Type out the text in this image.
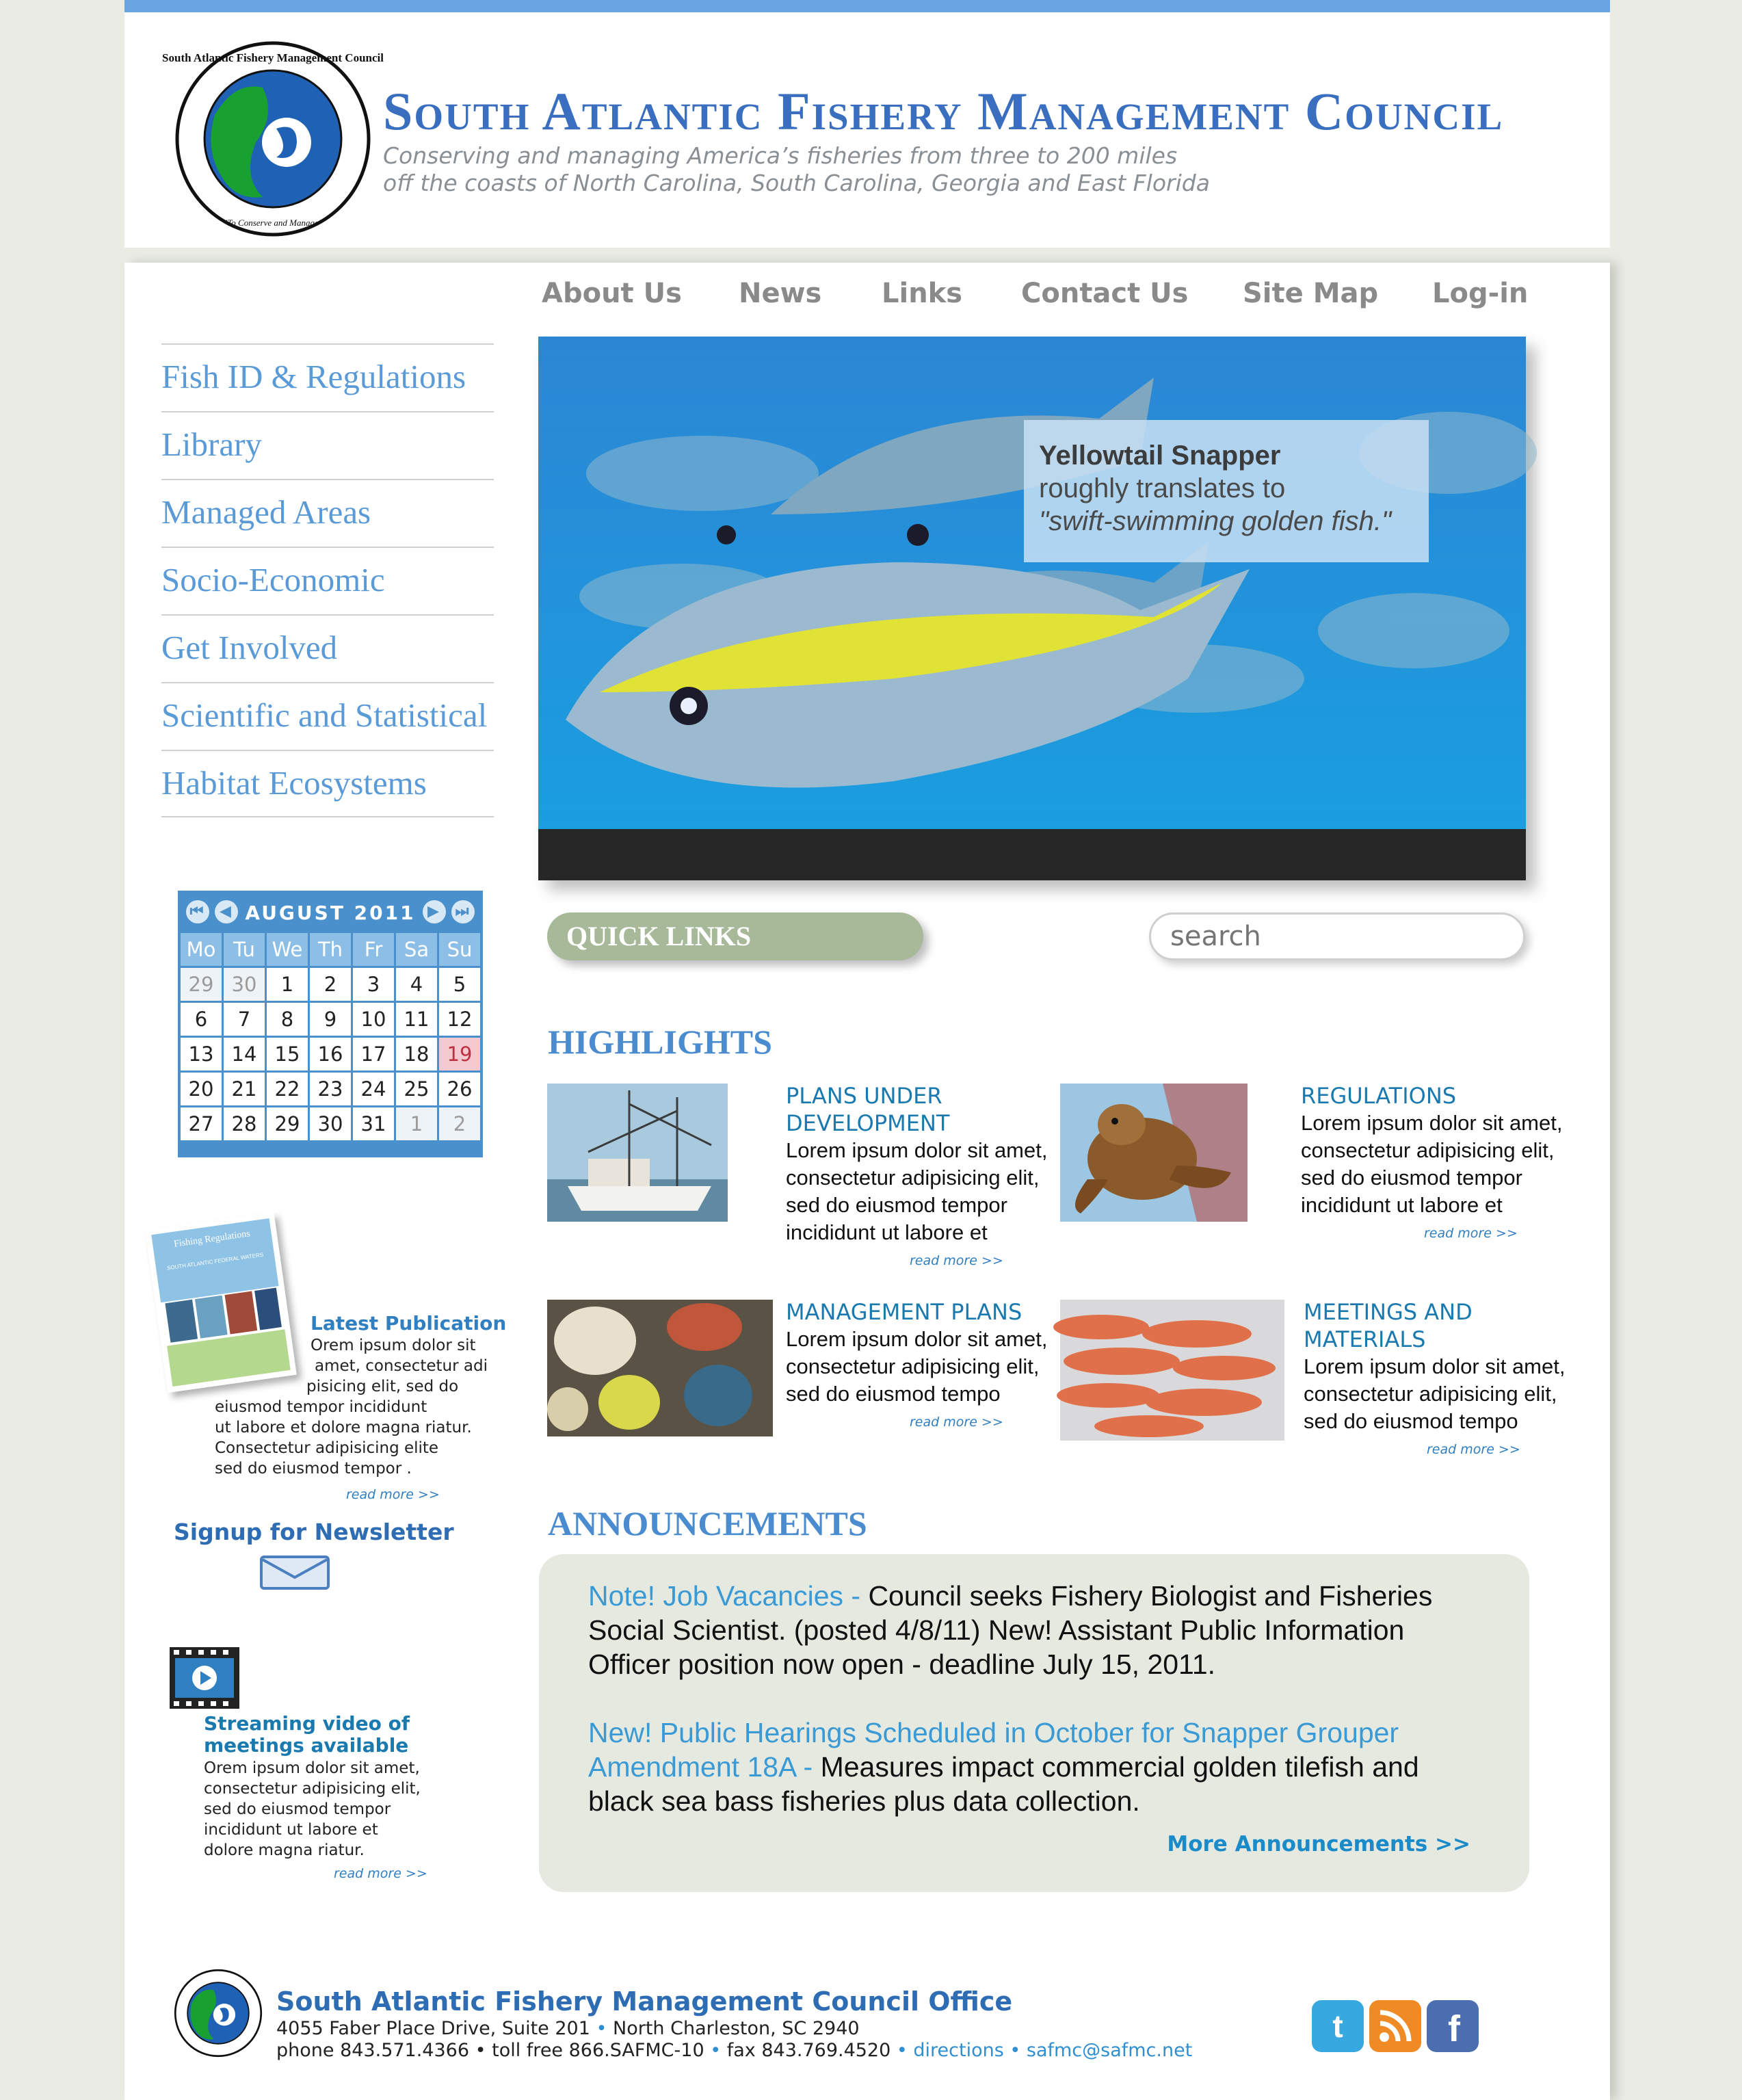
South Atlantic Fishery Management Council
"To Conserve and Manage"
South Atlantic Fishery Management Council
Conserving and managing America’s fisheries from three to 200 miles
off the coasts of North Carolina, South Carolina, Georgia and East Florida
About Us News Links Contact Us Site Map Log-in
Fish ID & Regulations
Library
Managed Areas
Socio-Economic
Get Involved
Scientific and Statistical
Habitat Ecosystems
Yellowtail Snapper
roughly translates to
"swift-swimming golden fish."
⏮ ◀ AUGUST 2011 ▶ ⏭
Mo Tu We Th	Fr	Sa Su
29 30	1	2	3	4	5
6	7	8	9	10 11 12
13 14 15 16 17 18 19
20 21 22 23 24 25 26
27 28 29 30 31	1	2
Fishing Regulations
SOUTH ATLANTIC FEDERAL WATERS
Latest Publication
Orem ipsum dolor sit
amet, consectetur adi
pisicing elit, sed do
eiusmod tempor incididunt
ut labore et dolore magna riatur.
Consectetur adipisicing elite
sed do eiusmod tempor .
read more >>
Signup for Newsletter
Streaming video of meetings available
Orem ipsum dolor sit amet,
consectetur adipisicing elit,
sed do eiusmod tempor
incididunt ut labore et
dolore magna riatur.
read more >>
QUICK LINKS
search
HIGHLIGHTS
PLANS UNDER DEVELOPMENT
Lorem ipsum dolor sit amet,
consectetur adipisicing elit,
sed do eiusmod tempor
incididunt ut labore et
read more >>
REGULATIONS
Lorem ipsum dolor sit amet,
consectetur adipisicing elit,
sed do eiusmod tempor
incididunt ut labore et
read more >>
MANAGEMENT PLANS
Lorem ipsum dolor sit amet,
consectetur adipisicing elit,
sed do eiusmod tempo
read more >>
MEETINGS AND MATERIALS
Lorem ipsum dolor sit amet,
consectetur adipisicing elit,
sed do eiusmod tempo
read more >>
ANNOUNCEMENTS
Note! Job Vacancies - Council seeks Fishery Biologist and Fisheries Social Scientist. (posted 4/8/11) New! Assistant Public Information Officer position now open - deadline July 15, 2011.
New! Public Hearings Scheduled in October for Snapper Grouper Amendment 18A - Measures impact commercial golden tilefish and black sea bass fisheries plus data collection.
More Announcements >>
South Atlantic Fishery Management Council Office
4055 Faber Place Drive, Suite 201 • North Charleston, SC 2940
phone 843.571.4366 • toll free 866.SAFMC-10 • fax 843.769.4520 • directions • safmc@safmc.net
t	f
